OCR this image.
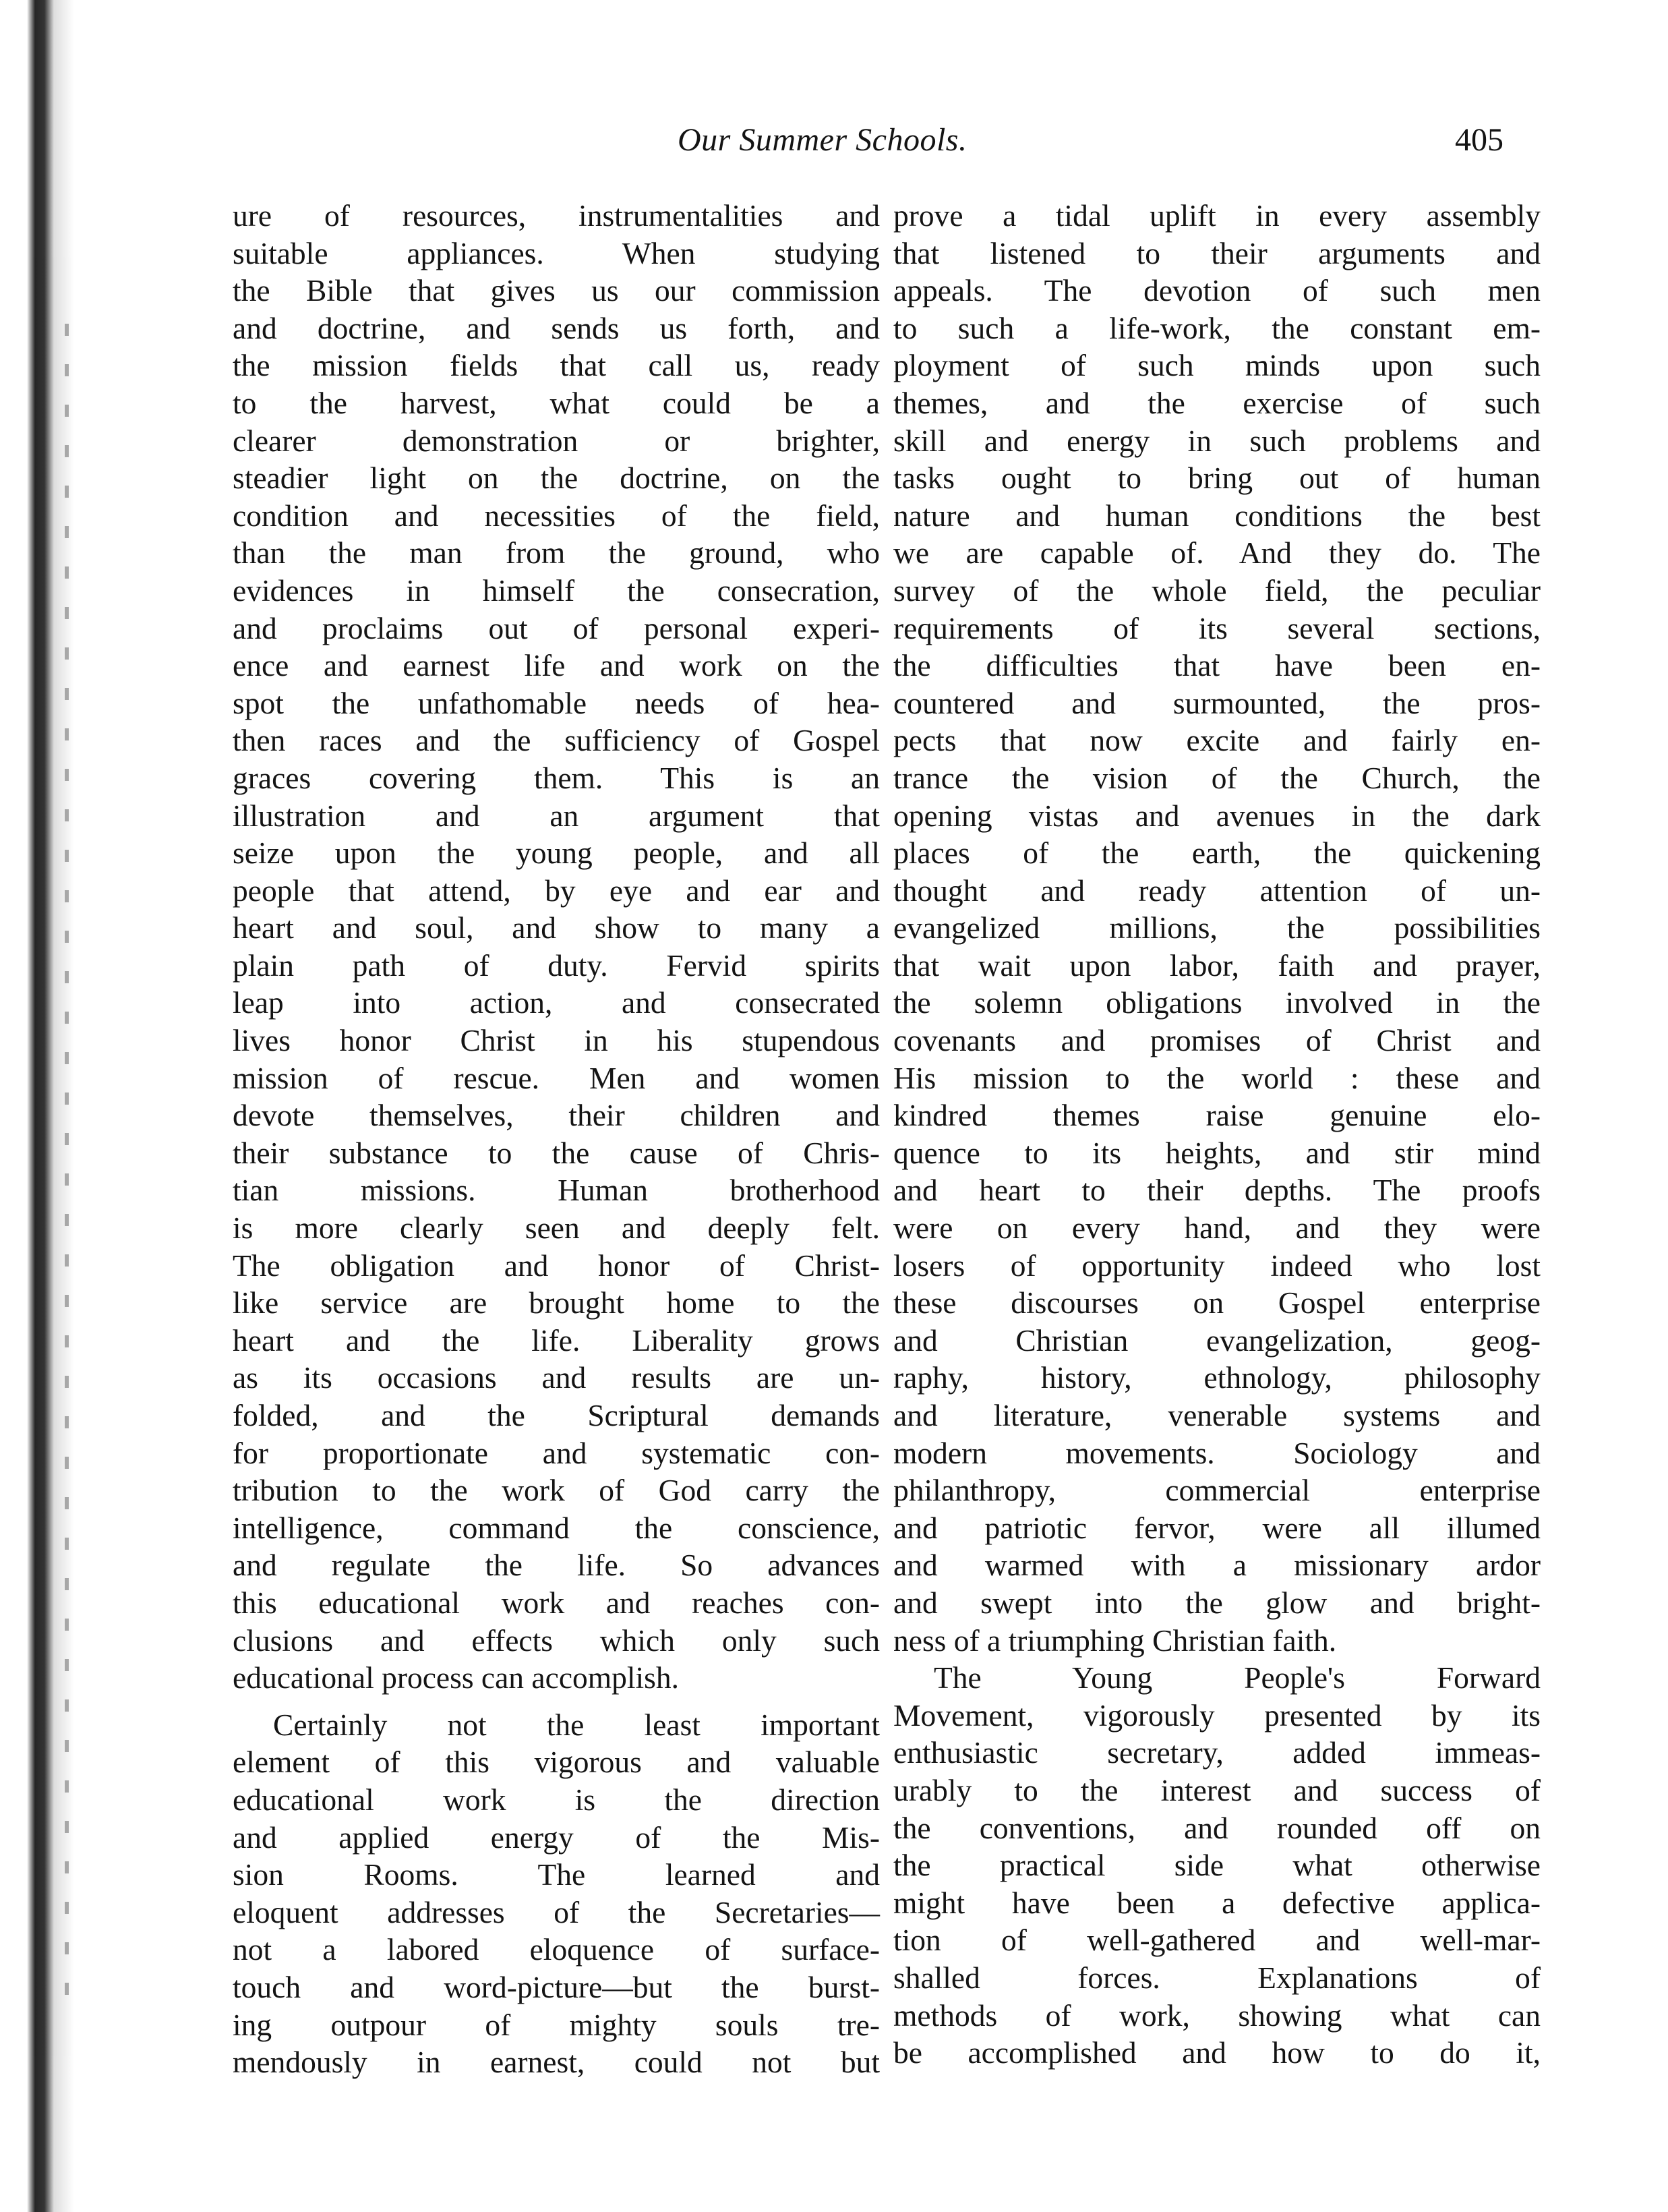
Our Summer Schools.	405
ure of resources, instrumentalities and
suitable appliances. When studying
the Bible that gives us our commission
and doctrine, and sends us forth, and
the mission fields that call us, ready
to the harvest, what could be a
clearer demonstration or brighter,
steadier light on the doctrine, on the
condition and necessities of the field,
than the man from the ground, who
evidences in himself the consecration,
and proclaims out of personal experi-
ence and earnest life and work on the
spot the unfathomable needs of hea-
then races and the sufficiency of Gospel
graces covering them. This is an
illustration and an argument that
seize upon the young people, and all
people that attend, by eye and ear and
heart and soul, and show to many a
plain path of duty. Fervid spirits
leap into action, and consecrated
lives honor Christ in his stupendous
mission of rescue. Men and women
devote themselves, their children and
their substance to the cause of Chris-
tian missions. Human brotherhood
is more clearly seen and deeply felt.
The obligation and honor of Christ-
like service are brought home to the
heart and the life. Liberality grows
as its occasions and results are un-
folded, and the Scriptural demands
for proportionate and systematic con-
tribution to the work of God carry the
intelligence, command the conscience,
and regulate the life. So advances
this educational work and reaches con-
clusions and effects which only such
educational process can accomplish.
Certainly not the least important
element of this vigorous and valuable
educational work is the direction
and applied energy of the Mis-
sion Rooms. The learned and
eloquent addresses of the Secretaries—
not a labored eloquence of surface-
touch and word-picture—but the burst-
ing outpour of mighty souls tre-
mendously in earnest, could not but
prove a tidal uplift in every assembly
that listened to their arguments and
appeals. The devotion of such men
to such a life-work, the constant em-
ployment of such minds upon such
themes, and the exercise of such
skill and energy in such problems and
tasks ought to bring out of human
nature and human conditions the best
we are capable of. And they do. The
survey of the whole field, the peculiar
requirements of its several sections,
the difficulties that have been en-
countered and surmounted, the pros-
pects that now excite and fairly en-
trance the vision of the Church, the
opening vistas and avenues in the dark
places of the earth, the quickening
thought and ready attention of un-
evangelized millions, the possibilities
that wait upon labor, faith and prayer,
the solemn obligations involved in the
covenants and promises of Christ and
His mission to the world : these and
kindred themes raise genuine elo-
quence to its heights, and stir mind
and heart to their depths. The proofs
were on every hand, and they were
losers of opportunity indeed who lost
these discourses on Gospel enterprise
and Christian evangelization, geog-
raphy, history, ethnology, philosophy
and literature, venerable systems and
modern movements. Sociology and
philanthropy, commercial enterprise
and patriotic fervor, were all illumed
and warmed with a missionary ardor
and swept into the glow and bright-
ness of a triumphing Christian faith.
The Young People's Forward
Movement, vigorously presented by its
enthusiastic secretary, added immeas-
urably to the interest and success of
the conventions, and rounded off on
the practical side what otherwise
might have been a defective applica-
tion of well-gathered and well-mar-
shalled forces. Explanations of
methods of work, showing what can
be accomplished and how to do it,
